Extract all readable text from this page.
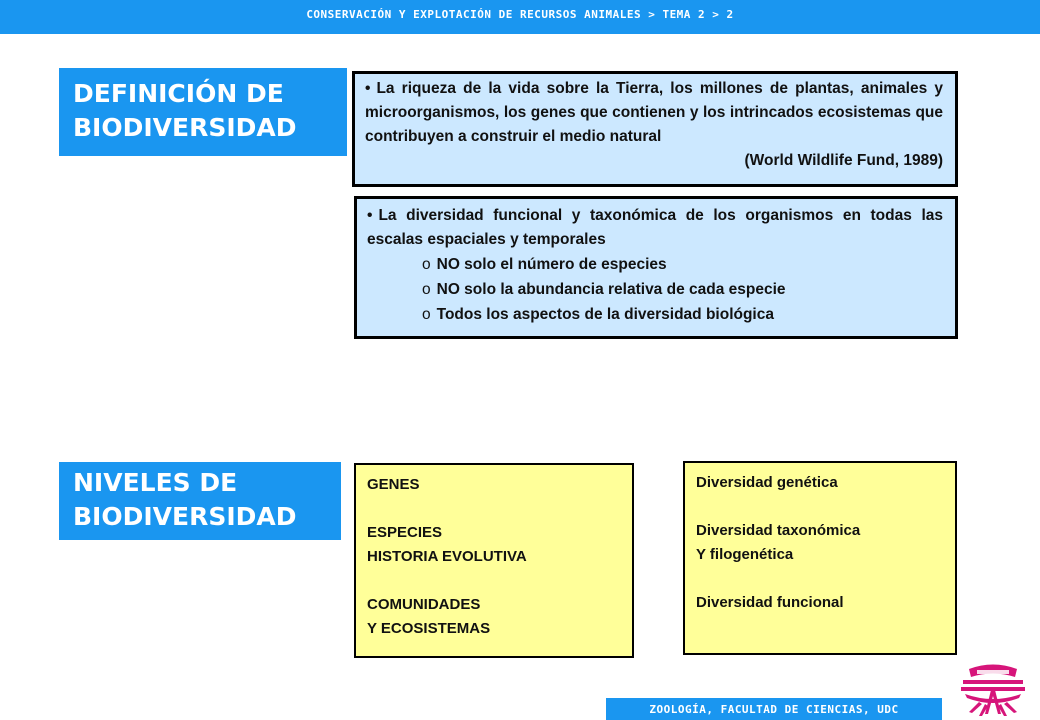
CONSERVACIÓN Y EXPLOTACIÓN DE RECURSOS ANIMALES > TEMA 2 > 2
DEFINICIÓN DE
BIODIVERSIDAD
• La riqueza de la vida sobre la Tierra, los millones de plantas, animales y microorganismos, los genes que contienen y los intrincados ecosistemas que contribuyen a construir el medio natural
(World Wildlife Fund, 1989)
• La diversidad funcional y taxonómica de los organismos en todas las escalas espaciales y temporales
o NO solo el número de especies
o NO solo la abundancia relativa de cada especie
o Todos los aspectos de la diversidad biológica
NIVELES DE
BIODIVERSIDAD
GENES
ESPECIES
HISTORIA EVOLUTIVA
COMUNIDADES
Y ECOSISTEMAS
Diversidad genética
Diversidad taxonómica
Y filogenética
Diversidad funcional
ZOOLOGÍA, FACULTAD DE CIENCIAS, UDC
